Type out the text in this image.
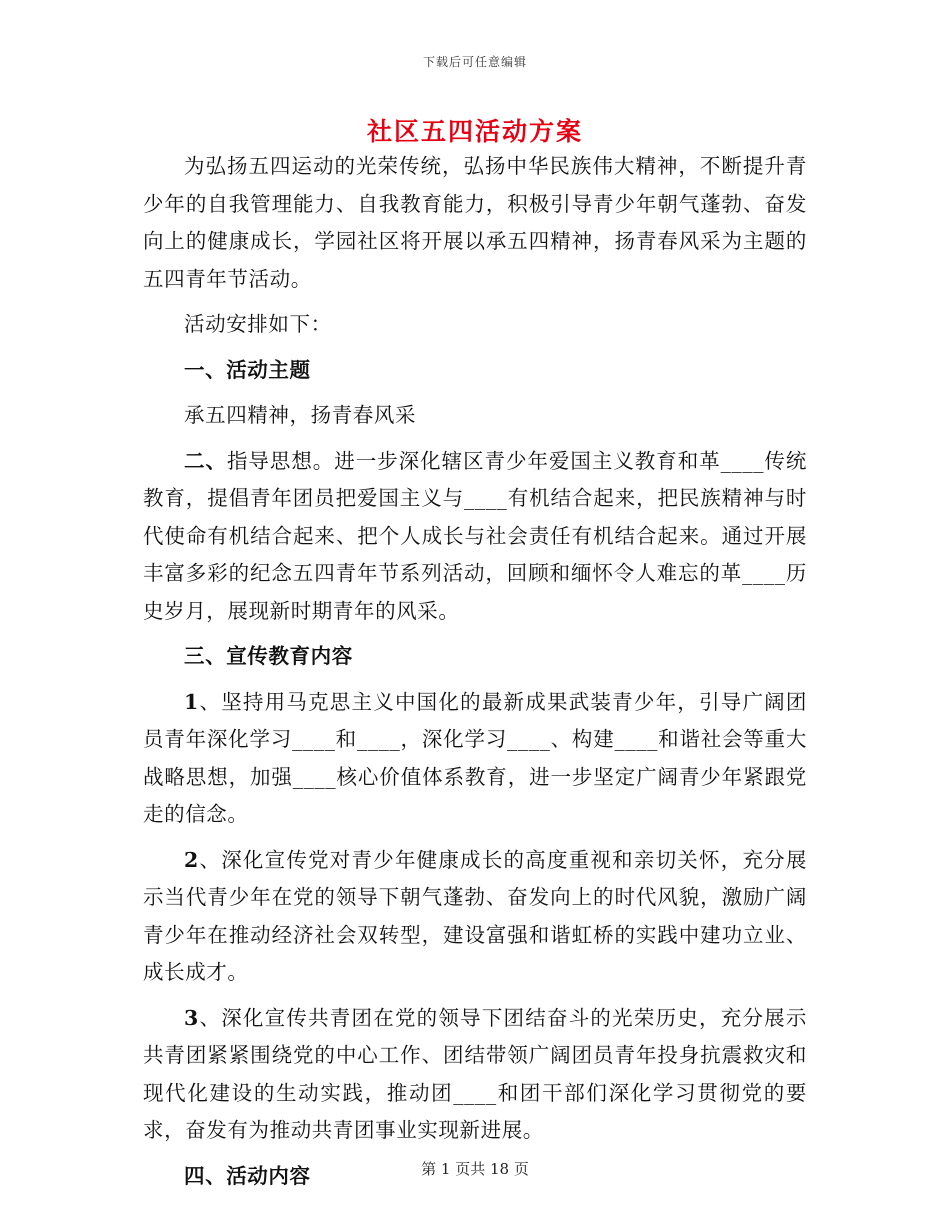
下载后可任意编辑
社区五四活动方案

为弘扬五四运动的光荣传统，弘扬中华民族伟大精神，不断提升青少年的自我管理能力、自我教育能力，积极引导青少年朝气蓬勃、奋发向上的健康成长，学园社区将开展以承五四精神，扬青春风采为主题的五四青年节活动。

活动安排如下：

一、活动主题

承五四精神，扬青春风采

二、指导思想。进一步深化辖区青少年爱国主义教育和革____传统教育，提倡青年团员把爱国主义与____有机结合起来，把民族精神与时代使命有机结合起来、把个人成长与社会责任有机结合起来。通过开展丰富多彩的纪念五四青年节系列活动，回顾和缅怀令人难忘的革____历史岁月，展现新时期青年的风采。

三、宣传教育内容

1、坚持用马克思主义中国化的最新成果武装青少年，引导广阔团员青年深化学习____和____，深化学习____、构建____和谐社会等重大战略思想，加强____核心价值体系教育，进一步坚定广阔青少年紧跟党走的信念。

2、深化宣传党对青少年健康成长的高度重视和亲切关怀，充分展示当代青少年在党的领导下朝气蓬勃、奋发向上的时代风貌，激励广阔青少年在推动经济社会双转型，建设富强和谐虹桥的实践中建功立业、成长成才。

3、深化宣传共青团在党的领导下团结奋斗的光荣历史，充分展示共青团紧紧围绕党的中心工作、团结带领广阔团员青年投身抗震救灾和现代化建设的生动实践，推动团____和团干部们深化学习贯彻党的要求，奋发有为推动共青团事业实现新进展。

四、活动内容	第 1 页共 18 页
